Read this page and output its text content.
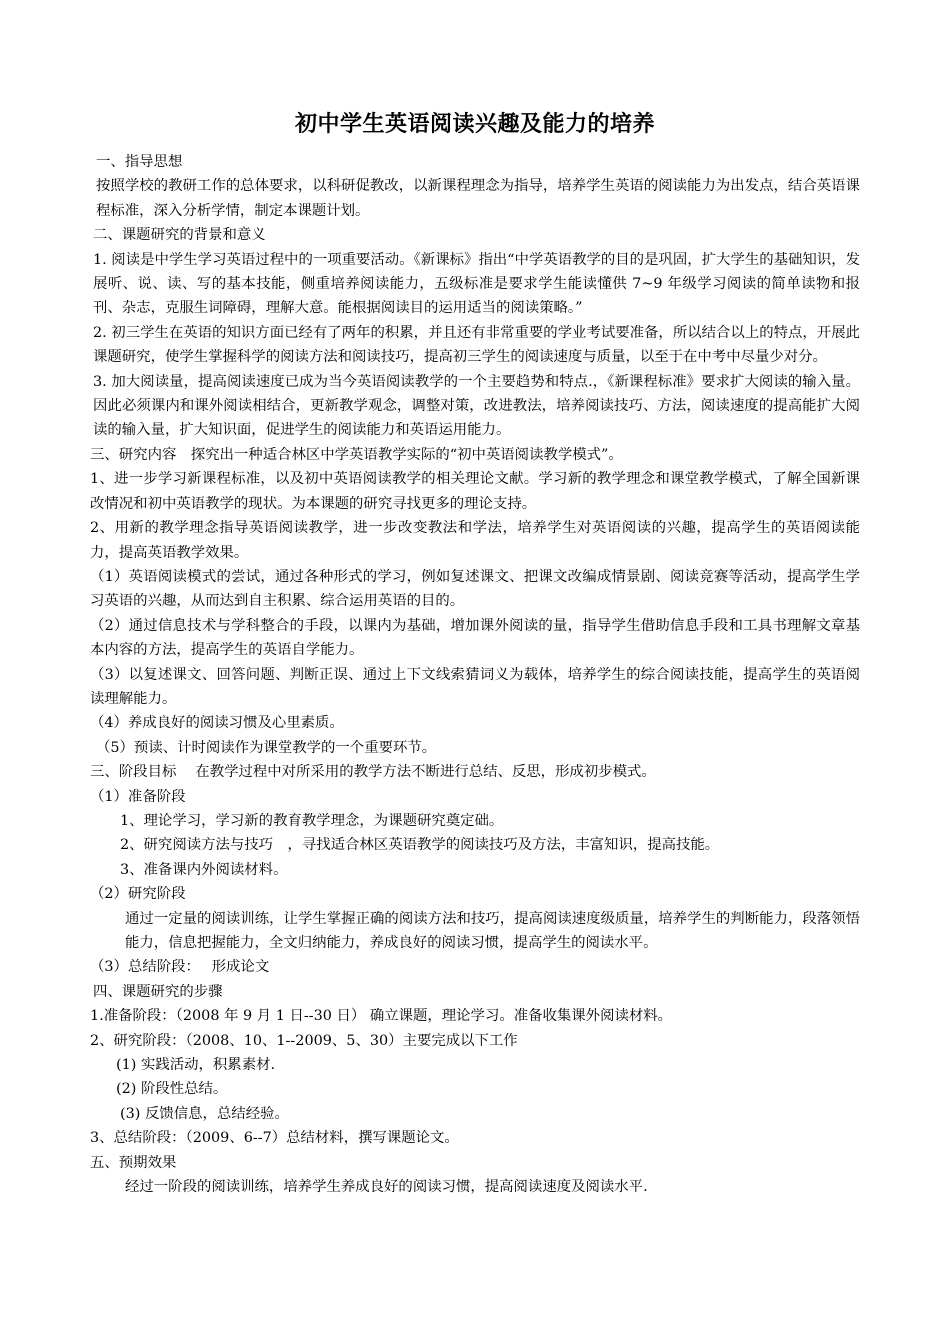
初中学生英语阅读兴趣及能力的培养

一、指导思想

按照学校的教研工作的总体要求，以科研促教改，以新课程理念为指导，培养学生英语的阅读能力为出发点，结合英语课程标准，深入分析学情，制定本课题计划。

二、课题研究的背景和意义

1. 阅读是中学生学习英语过程中的一项重要活动。《新课标》指出“中学英语教学的目的是巩固，扩大学生的基础知识，发展听、说、读、写的基本技能，侧重培养阅读能力，五级标准是要求学生能读懂供 7~9 年级学习阅读的简单读物和报刊、杂志，克服生词障碍，理解大意。能根据阅读目的运用适当的阅读策略。”

2. 初三学生在英语的知识方面已经有了两年的积累，并且还有非常重要的学业考试要准备，所以结合以上的特点，开展此课题研究，使学生掌握科学的阅读方法和阅读技巧，提高初三学生的阅读速度与质量，以至于在中考中尽量少对分。

3. 加大阅读量，提高阅读速度已成为当今英语阅读教学的一个主要趋势和特点.，《新课程标准》要求扩大阅读的输入量。因此必须课内和课外阅读相结合，更新教学观念，调整对策，改进教法，培养阅读技巧、方法，阅读速度的提高能扩大阅读的输入量，扩大知识面，促进学生的阅读能力和英语运用能力。

三、研究内容　探究出一种适合林区中学英语教学实际的“初中英语阅读教学模式”。

1、进一步学习新课程标准，以及初中英语阅读教学的相关理论文献。学习新的教学理念和课堂教学模式，了解全国新课改情况和初中英语教学的现状。为本课题的研究寻找更多的理论支持。

2、用新的教学理念指导英语阅读教学，进一步改变教法和学法，培养学生对英语阅读的兴趣，提高学生的英语阅读能力，提高英语教学效果。

（1）英语阅读模式的尝试，通过各种形式的学习，例如复述课文、把课文改编成情景剧、阅读竞赛等活动，提高学生学习英语的兴趣，从而达到自主积累、综合运用英语的目的。

（2）通过信息技术与学科整合的手段，以课内为基础，增加课外阅读的量，指导学生借助信息手段和工具书理解文章基本内容的方法，提高学生的英语自学能力。

（3）以复述课文、回答问题、判断正误、通过上下文线索猜词义为载体，培养学生的综合阅读技能，提高学生的英语阅读理解能力。

（4）养成良好的阅读习惯及心里素质。

（5）预读、计时阅读作为课堂教学的一个重要环节。

三、阶段目标　 在教学过程中对所采用的教学方法不断进行总结、反思，形成初步模式。

（1）准备阶段

1、理论学习，学习新的教育教学理念，为课题研究奠定础。

2、研究阅读方法与技巧　，寻找适合林区英语教学的阅读技巧及方法，丰富知识，提高技能。

3、准备课内外阅读材料。

（2）研究阶段

通过一定量的阅读训练，让学生掌握正确的阅读方法和技巧，提高阅读速度级质量，培养学生的判断能力，段落领悟能力，信息把握能力，全文归纳能力，养成良好的阅读习惯，提高学生的阅读水平。

（3）总结阶段：　 形成论文

四、课题研究的步骤

1.准备阶段：（2008 年 9 月 1 日--30 日） 确立课题，理论学习。准备收集课外阅读材料。

2、研究阶段：（2008、10、1--2009、5、30）主要完成以下工作

(1) 实践活动，积累素材.

(2) 阶段性总结。

(3) 反馈信息，总结经验。

3、总结阶段：（2009、6--7）总结材料，撰写课题论文。

五、预期效果

经过一阶段的阅读训练，培养学生养成良好的阅读习惯，提高阅读速度及阅读水平.
